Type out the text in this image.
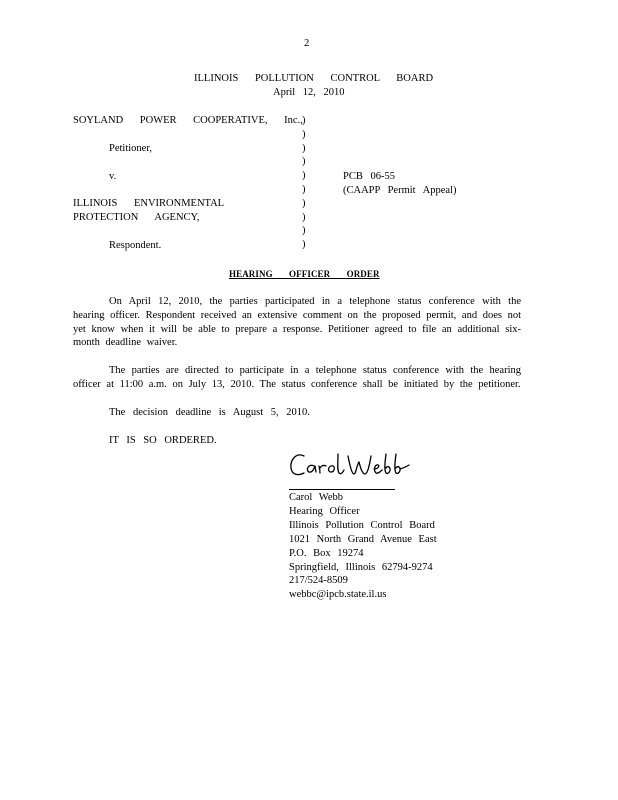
2
ILLINOIS POLLUTION CONTROL BOARD
April 12, 2010
SOYLAND POWER COOPERATIVE, Inc.,
Petitioner,
v.
ILLINOIS ENVIRONMENTAL
PROTECTION AGENCY,
Respondent.
)
)
)
)
)
)
)
)
)
)
PCB 06-55
(CAAPP Permit Appeal)
HEARING OFFICER ORDER
On April 12, 2010, the parties participated in a telephone status conference with the hearing officer. Respondent received an extensive comment on the proposed permit, and does not yet know when it will be able to prepare a response. Petitioner agreed to file an additional six-month deadline waiver.
The parties are directed to participate in a telephone status conference with the hearing officer at 11:00 a.m. on July 13, 2010. The status conference shall be initiated by the petitioner.
The decision deadline is August 5, 2010.
IT IS SO ORDERED.
Carol Webb
Hearing Officer
Illinois Pollution Control Board
1021 North Grand Avenue East
P.O. Box 19274
Springfield, Illinois 62794-9274
217/524-8509
webbc@ipcb.state.il.us
